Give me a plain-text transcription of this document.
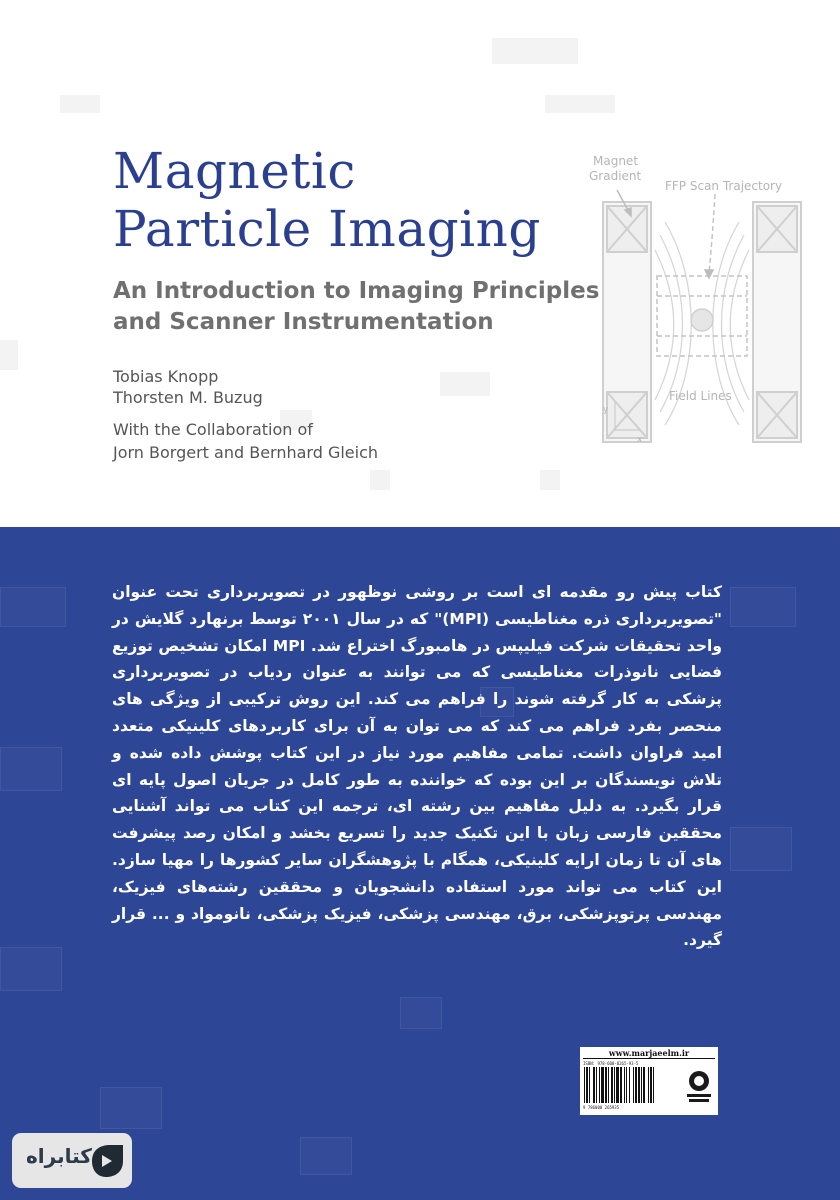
Magnetic
Particle Imaging
An Introduction to Imaging Principles
and Scanner Instrumentation
Tobias Knopp
Thorsten M. Buzug
With the Collaboration of
Jorn Borgert and Bernhard Gleich
Magnet
Gradient
FFP Scan Trajectory
Field Lines
y
x

کتاب پیش رو مقدمه ای است بر روشی نوظهور در تصویربرداری تحت عنوان "تصویربرداری ذره مغناطیسی (MPI)" که در سال ۲۰۰۱ توسط برنهارد گلایش در واحد تحقیقات شرکت فیلیپس در هامبورگ اختراع شد. MPI امکان تشخیص توزیع فضایی نانوذرات مغناطیسی که می توانند به عنوان ردیاب در تصویربرداری پزشکی به کار گرفته شوند را فراهم می کند. این روش ترکیبی از ویژگی های منحصر بفرد فراهم می کند که می توان به آن برای کاربردهای کلینیکی متعدد امید فراوان داشت. تمامی مفاهیم مورد نیاز در این کتاب پوشش داده شده و تلاش نویسندگان بر این بوده که خواننده به طور کامل در جریان اصول پایه ای قرار بگیرد. به دلیل مفاهیم بین رشته ای، ترجمه این کتاب می تواند آشنایی محققین فارسی زبان با این تکنیک جدید را تسریع بخشد و امکان رصد پیشرفت های آن تا زمان ارایه کلینیکی، همگام با پژوهشگران سایر کشورها را مهیا سازد. این کتاب می تواند مورد استفاده دانشجویان و محققین رشته‌های فیزیک، مهندسی پرتوپزشکی، برق، مهندسی پزشکی، فیزیک پزشکی، نانومواد و ... قرار گیرد.

www.marjaeelm.ir
ISBN: 978-600-8265-93-5
9 786008 265935
کتابراه
